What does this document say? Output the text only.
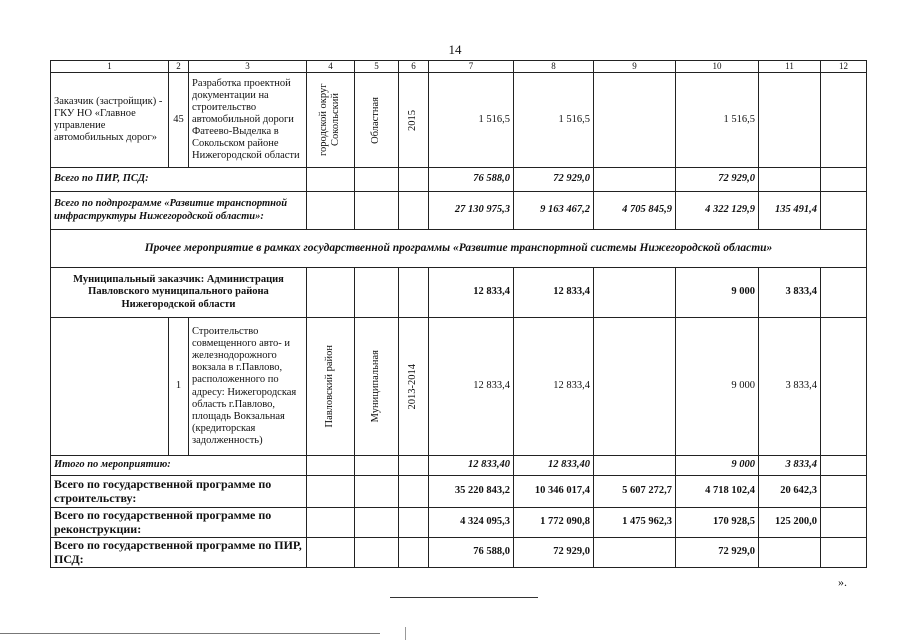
14
1	2	3	4	5	6	7	8	9	10	11	12
Заказчик (застройщик) - ГКУ НО «Главное управление автомобильных дорог»	45	Разработка проектной документации на строительство автомобильной дороги Фатеево-Выделка в Сокольском районе Нижегородской области	городской округ Сокольский	Областная	2015	1 516,5	1 516,5		1 516,5		
Всего по ПИР, ПСД:						76 588,0	72 929,0		72 929,0		
Всего по подпрограмме «Развитие транспортной инфраструктуры Нижегородской области»:						27 130 975,3	9 163 467,2	4 705 845,9	4 322 129,9	135 491,4	
Прочее мероприятие в рамках государственной программы «Развитие транспортной системы Нижегородской области»											
Муниципальный заказчик: Администрация Павловского муниципального района Нижегородской области						12 833,4	12 833,4		9 000	3 833,4	
	1	Строительство совмещенного авто- и железнодорожного вокзала в г.Павлово, расположенного по адресу: Нижегородская область г.Павлово, площадь Вокзальная (кредиторская задолженность)	Павловский район	Муниципальная	2013-2014	12 833,4	12 833,4		9 000	3 833,4	
Итого по мероприятию:						12 833,40	12 833,40		9 000	3 833,4	
Всего по государственной программе по строительству:						35 220 843,2	10 346 017,4	5 607 272,7	4 718 102,4	20 642,3	
Всего по государственной программе по реконструкции:						4 324 095,3	1 772 090,8	1 475 962,3	170 928,5	125 200,0	
Всего по государственной программе по ПИР, ПСД:						76 588,0	72 929,0		72 929,0		
».
